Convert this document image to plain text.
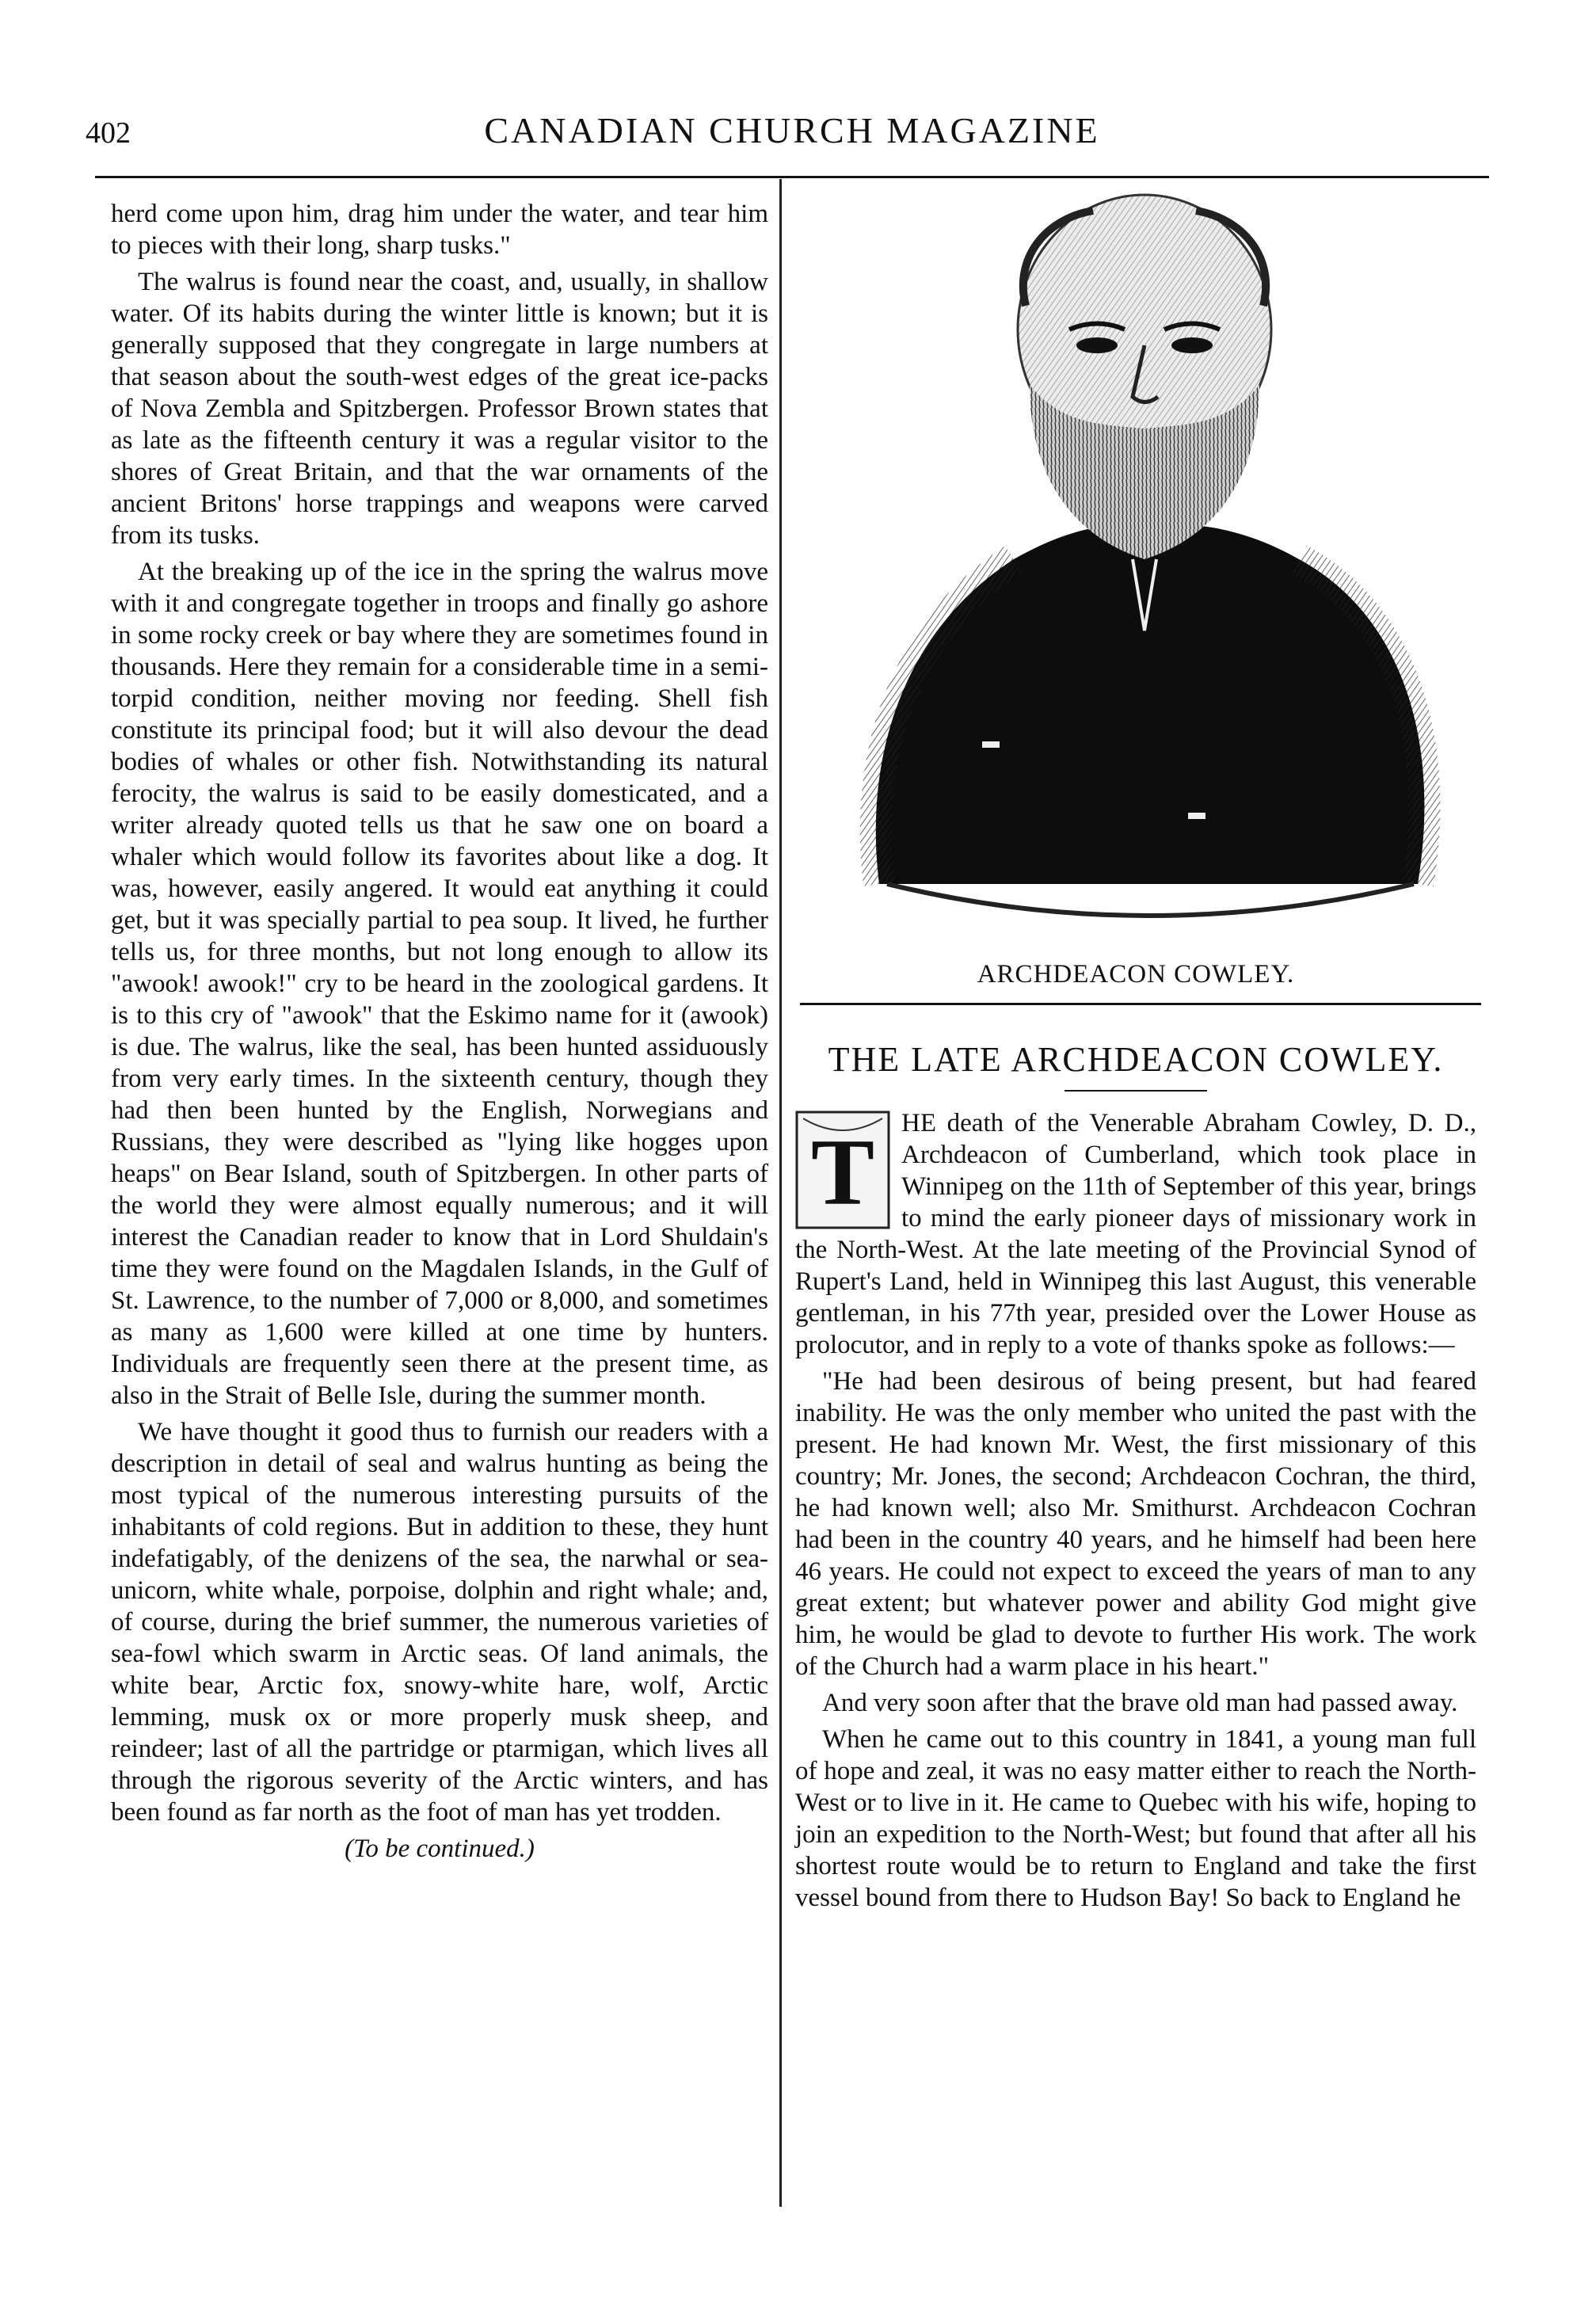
402	CANADIAN CHURCH MAGAZINE

herd come upon him, drag him under the water, and tear him to pieces with their long, sharp tusks."

The walrus is found near the coast, and, usually, in shallow water. Of its habits during the winter little is known; but it is generally supposed that they congregate in large numbers at that season about the south-west edges of the great ice-packs of Nova Zembla and Spitzbergen. Professor Brown states that as late as the fifteenth century it was a regular visitor to the shores of Great Britain, and that the war ornaments of the ancient Britons' horse trappings and weapons were carved from its tusks.

At the breaking up of the ice in the spring the walrus move with it and congregate together in troops and finally go ashore in some rocky creek or bay where they are sometimes found in thousands. Here they remain for a considerable time in a semi-torpid condition, neither moving nor feeding. Shell fish constitute its principal food; but it will also devour the dead bodies of whales or other fish. Notwithstanding its natural ferocity, the walrus is said to be easily domesticated, and a writer already quoted tells us that he saw one on board a whaler which would follow its favorites about like a dog. It was, however, easily angered. It would eat anything it could get, but it was specially partial to pea soup. It lived, he further tells us, for three months, but not long enough to allow its "awook! awook!" cry to be heard in the zoological gardens. It is to this cry of "awook" that the Eskimo name for it (awook) is due. The walrus, like the seal, has been hunted assiduously from very early times. In the sixteenth century, though they had then been hunted by the English, Norwegians and Russians, they were described as "lying like hogges upon heaps" on Bear Island, south of Spitzbergen. In other parts of the world they were almost equally numerous; and it will interest the Canadian reader to know that in Lord Shuldain's time they were found on the Magdalen Islands, in the Gulf of St. Lawrence, to the number of 7,000 or 8,000, and sometimes as many as 1,600 were killed at one time by hunters. Individuals are frequently seen there at the present time, as also in the Strait of Belle Isle, during the summer month.

We have thought it good thus to furnish our readers with a description in detail of seal and walrus hunting as being the most typical of the numerous interesting pursuits of the inhabitants of cold regions. But in addition to these, they hunt indefatigably, of the denizens of the sea, the narwhal or sea-unicorn, white whale, porpoise, dolphin and right whale; and, of course, during the brief summer, the numerous varieties of sea-fowl which swarm in Arctic seas. Of land animals, the white bear, Arctic fox, snowy-white hare, wolf, Arctic lemming, musk ox or more properly musk sheep, and reindeer; last of all the partridge or ptarmigan, which lives all through the rigorous severity of the Arctic winters, and has been found as far north as the foot of man has yet trodden.

(To be continued.)
ARCHDEACON COWLEY.
THE LATE ARCHDEACON COWLEY.

T HE death of the Venerable Abraham Cowley, D. D., Archdeacon of Cumberland, which took place in Winnipeg on the 11th of September of this year, brings to mind the early pioneer days of missionary work in the North-West. At the late meeting of the Provincial Synod of Rupert's Land, held in Winnipeg this last August, this venerable gentleman, in his 77th year, presided over the Lower House as prolocutor, and in reply to a vote of thanks spoke as follows:—

"He had been desirous of being present, but had feared inability. He was the only member who united the past with the present. He had known Mr. West, the first missionary of this country; Mr. Jones, the second; Archdeacon Cochran, the third, he had known well; also Mr. Smithurst. Archdeacon Cochran had been in the country 40 years, and he himself had been here 46 years. He could not expect to exceed the years of man to any great extent; but whatever power and ability God might give him, he would be glad to devote to further His work. The work of the Church had a warm place in his heart."

And very soon after that the brave old man had passed away.

When he came out to this country in 1841, a young man full of hope and zeal, it was no easy matter either to reach the North-West or to live in it. He came to Quebec with his wife, hoping to join an expedition to the North-West; but found that after all his shortest route would be to return to England and take the first vessel bound from there to Hudson Bay! So back to England he
